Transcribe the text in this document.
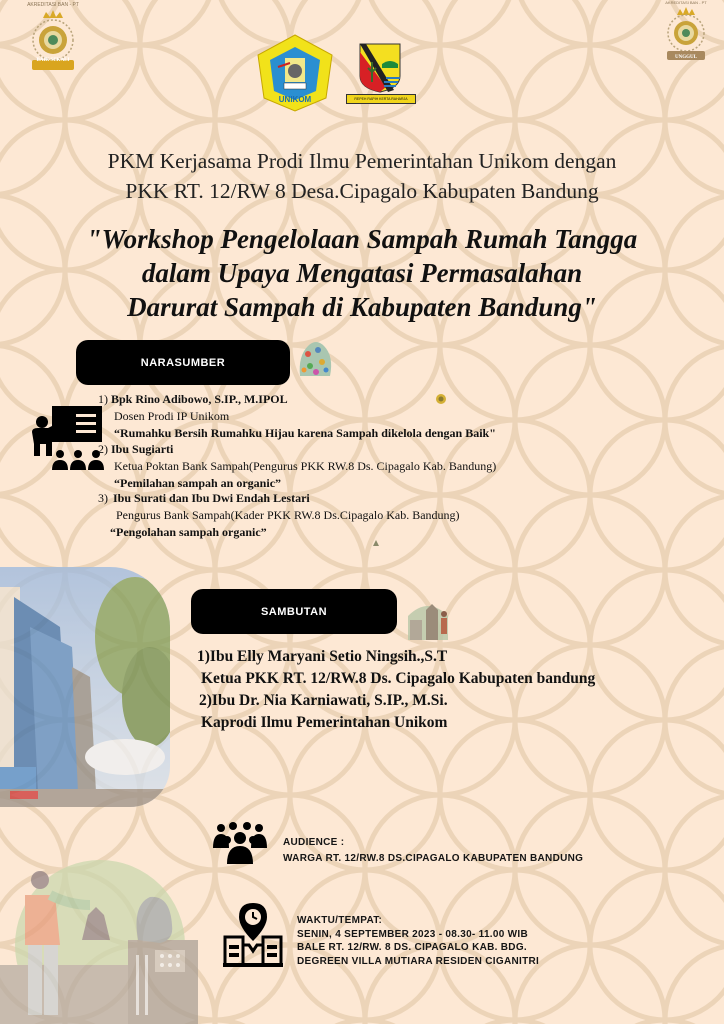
AKREDITASI BAN - PT
BAIK SEKALI
AKREDITASI BAN - PT
UNGGUL
UNIKOM	REPEH RAPIH KERTA RAHARJA
PKM Kerjasama Prodi Ilmu Pemerintahan Unikom dengan
PKK RT. 12/RW 8 Desa.Cipagalo Kabupaten Bandung
"Workshop Pengelolaan Sampah Rumah Tangga
dalam Upaya Mengatasi Permasalahan
Darurat Sampah di Kabupaten Bandung"
NARASUMBER
1) Bpk Rino Adibowo, S.IP., M.IPOL
Dosen Prodi IP Unikom
“Rumahku Bersih Rumahku Hijau karena Sampah dikelola dengan Baik"
2) Ibu Sugiarti
Ketua Poktan Bank Sampah(Pengurus PKK RW.8 Ds. Cipagalo Kab. Bandung)
“Pemilahan sampah an organic”
3) Ibu Surati dan Ibu Dwi Endah Lestari
Pengurus Bank Sampah(Kader PKK RW.8 Ds.Cipagalo Kab. Bandung)
“Pengolahan sampah organic”
SAMBUTAN
1)Ibu Elly Maryani Setio Ningsih.,S.T
Ketua PKK RT. 12/RW.8 Ds. Cipagalo Kabupaten bandung
2)Ibu Dr. Nia Karniawati, S.IP., M.Si.
Kaprodi Ilmu Pemerintahan Unikom
AUDIENCE :
WARGA RT. 12/RW.8 DS.CIPAGALO KABUPATEN BANDUNG
WAKTU/TEMPAT:
SENIN, 4 SEPTEMBER 2023 - 08.30- 11.00 WIB
BALE RT. 12/RW. 8 DS. CIPAGALO KAB. BDG.
DEGREEN VILLA MUTIARA RESIDEN CIGANITRI
